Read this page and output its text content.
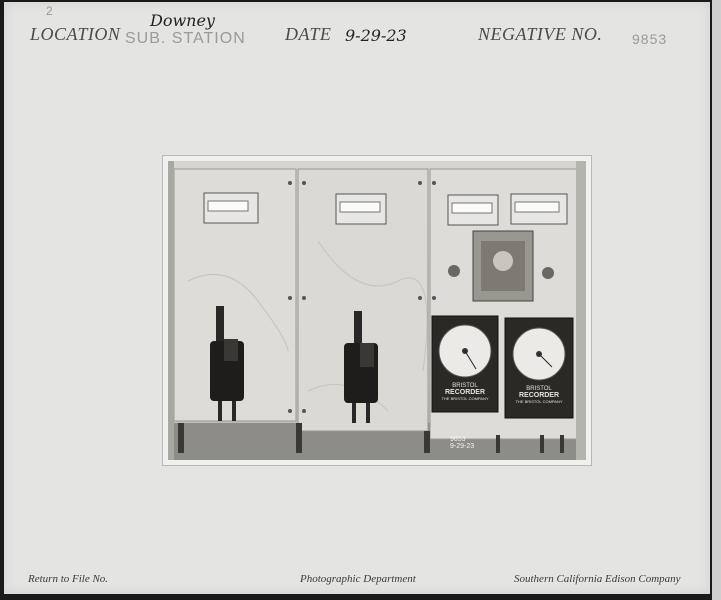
2
LOCATION
Downey
SUB. STATION DATE 9-29-23	NEGATIVE NO. 9853
BRISTOL
RECORDER
THE BRISTOL COMPANY
BRISTOL
RECORDER
THE BRISTOL COMPANY
9853
9-29-23
Return to File No.	Photographic Department	Southern California Edison Company
